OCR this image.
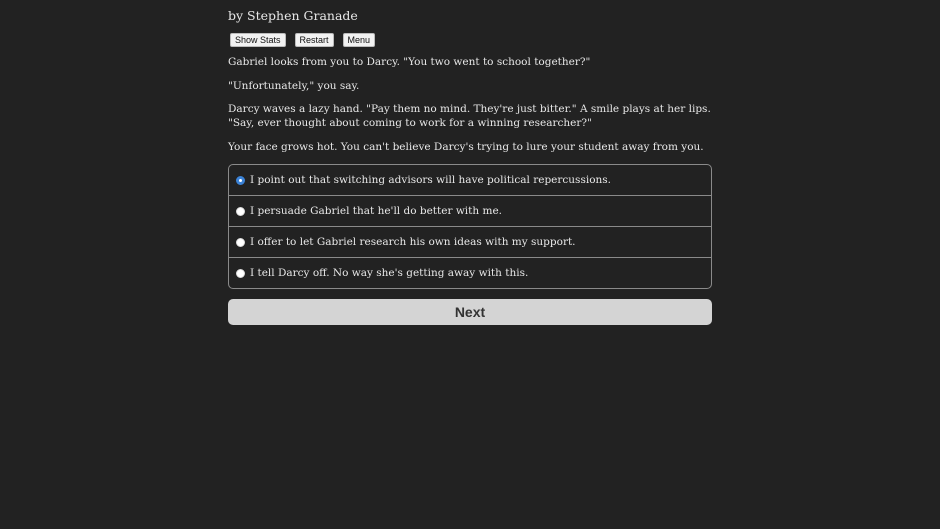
by Stephen Granade
Show Stats	Restart	Menu

Gabriel looks from you to Darcy. "You two went to school together?"

"Unfortunately," you say.

Darcy waves a lazy hand. "Pay them no mind. They're just bitter." A smile plays at her lips. "Say, ever thought about coming to work for a winning researcher?"

Your face grows hot. You can't believe Darcy's trying to lure your student away from you.

I point out that switching advisors will have political repercussions.
I persuade Gabriel that he'll do better with me.
I offer to let Gabriel research his own ideas with my support.
I tell Darcy off. No way she's getting away with this.
Next
